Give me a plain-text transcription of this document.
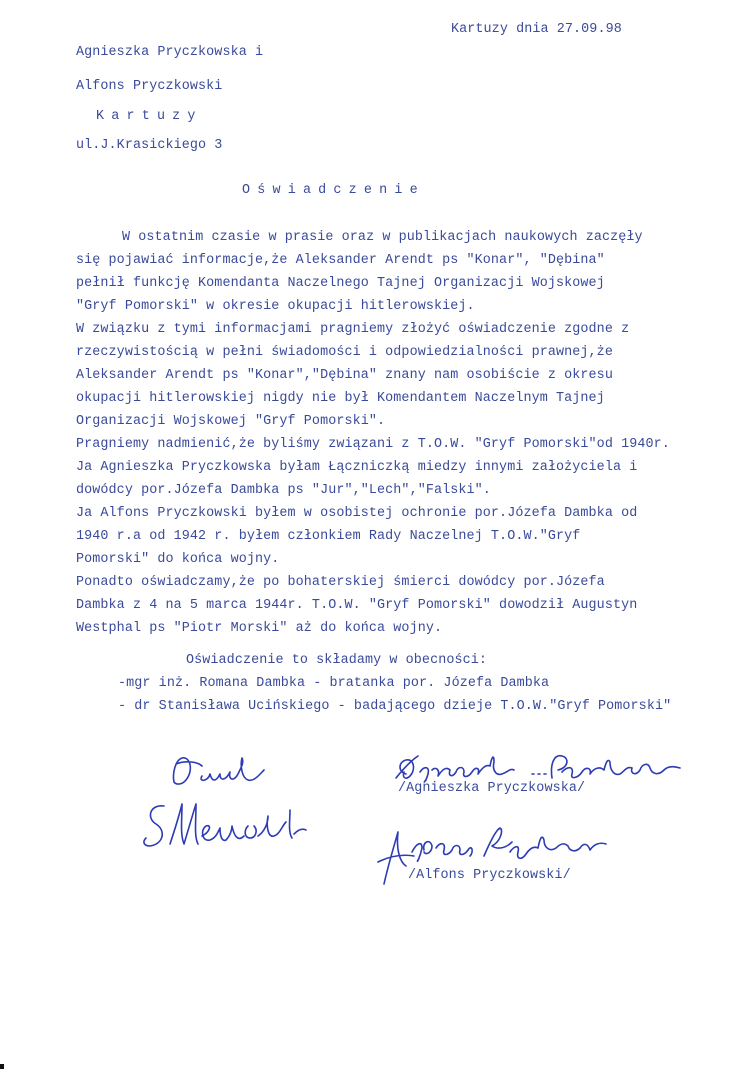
Kartuzy dnia 27.09.98
Agnieszka Pryczkowska i
Alfons Pryczkowski
Kartuzy
ul.J.Krasickiego 3
Oświadczenie
W ostatnim czasie w prasie oraz w publikacjach naukowych zaczęły
się pojawiać informacje,że Aleksander Arendt ps "Konar", "Dębina"
pełnił funkcję Komendanta Naczelnego Tajnej Organizacji Wojskowej
"Gryf Pomorski" w okresie okupacji hitlerowskiej.
W związku z tymi informacjami pragniemy złożyć oświadczenie zgodne z
rzeczywistością w pełni świadomości i odpowiedzialności prawnej,że
Aleksander Arendt ps "Konar","Dębina" znany nam osobiście z okresu
okupacji hitlerowskiej nigdy nie był Komendantem Naczelnym Tajnej
Organizacji Wojskowej "Gryf Pomorski".
Pragniemy nadmienić,że byliśmy związani z T.O.W. "Gryf Pomorski"od 1940r.
Ja Agnieszka Pryczkowska byłam Łączniczką miedzy innymi założyciela i
dowódcy por.Józefa Dambka ps "Jur","Lech","Falski".
Ja Alfons Pryczkowski byłem w osobistej ochronie por.Józefa Dambka od
1940 r.a od 1942 r. byłem członkiem Rady Naczelnej T.O.W."Gryf
Pomorski" do końca wojny.
Ponadto oświadczamy,że po bohaterskiej śmierci dowódcy por.Józefa
Dambka z 4 na 5 marca 1944r. T.O.W. "Gryf Pomorski" dowodził Augustyn
Westphal ps "Piotr Morski" aż do końca wojny.
Oświadczenie to składamy w obecności:
-mgr inż. Romana Dambka - bratanka por. Józefa Dambka
- dr Stanisława Ucińskiego - badającego dzieje T.O.W."Gryf Pomorski"
/Agnieszka Pryczkowska/
/Alfons Pryczkowski/
